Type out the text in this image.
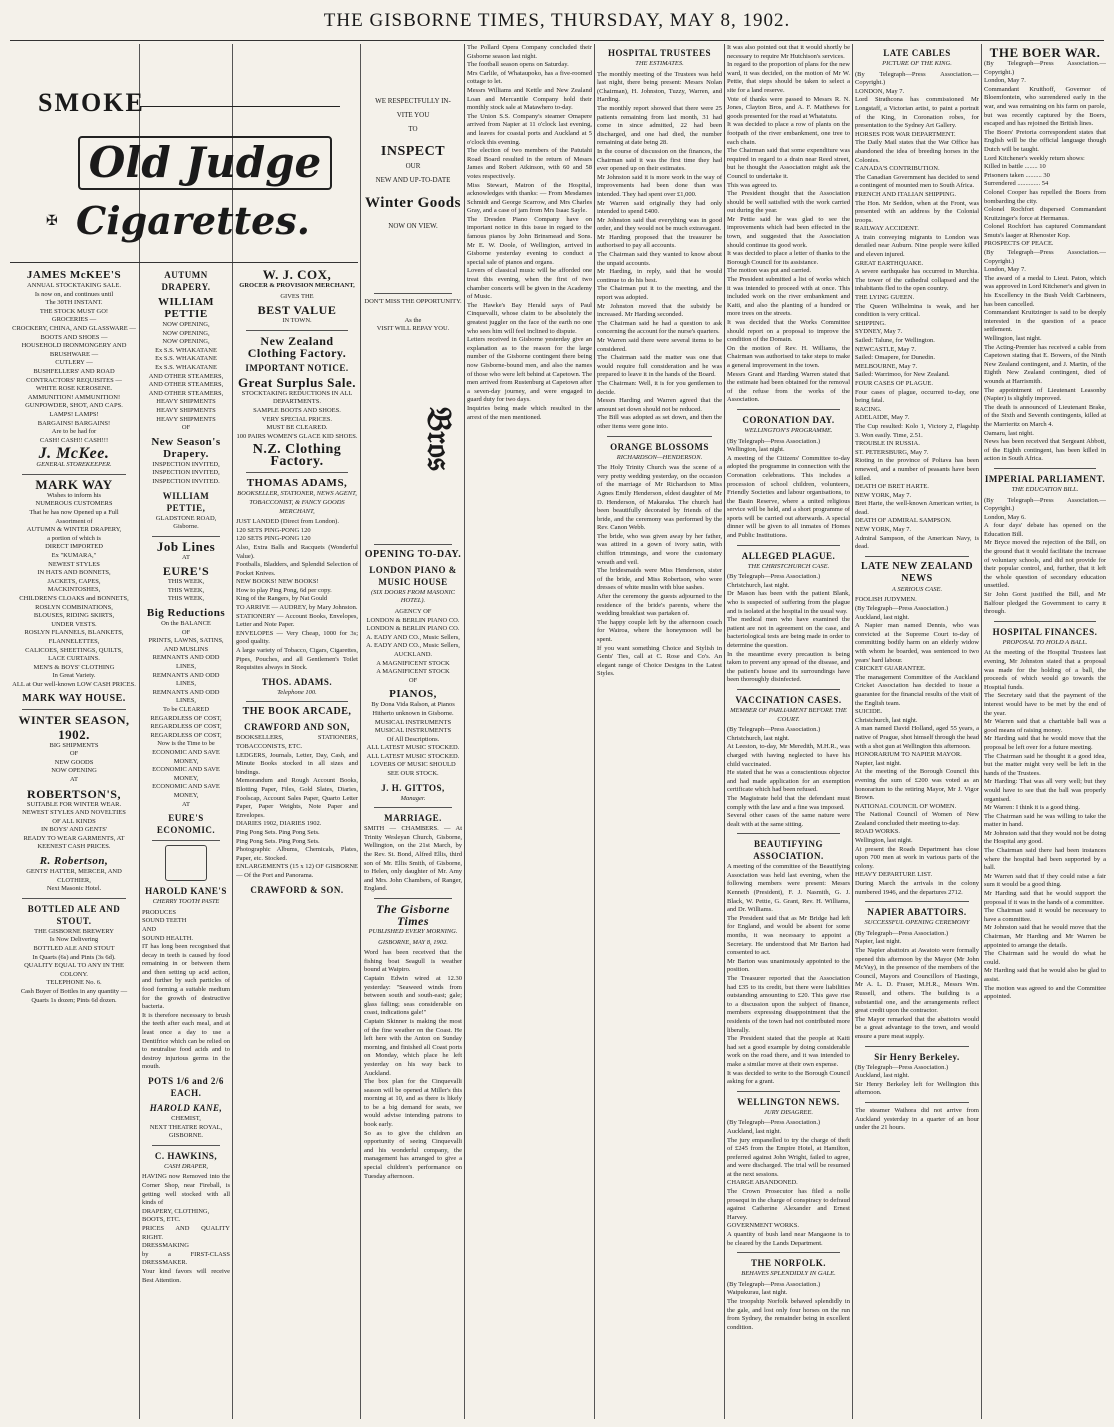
THE GISBORNE TIMES, THURSDAY, MAY 8, 1902.
SMOKE
Old Judge
✠ Cigarettes.
JAMES McKEE'S
ANNUAL STOCKTAKING SALE.
Is now on, and continues until
The 30TH INSTANT.
THE STOCK MUST GO!
GROCERIES —
CROCKERY, CHINA, AND GLASSWARE —
BOOTS AND SHOES —
HOUSEHOLD IRONMONGERY AND BRUSHWARE —
CUTLERY —
BUSHFELLERS' AND ROAD CONTRACTORS' REQUISITES —
WHITE ROSE KEROSENE.
AMMUNITION! AMMUNITION!
GUNPOWDER, SHOT, AND CAPS.
LAMPS! LAMPS!
BARGAINS! BARGAINS!
Are to be had for
CASH! CASH!! CASH!!!
J. McKee.
GENERAL STOREKEEPER.
MARK WAY
Wishes to inform his
NUMEROUS CUSTOMERS
That he has now Opened up a Full
Assortment of
AUTUMN & WINTER DRAPERY,
a portion of which is
DIRECT IMPORTED
Ex "KUMARA,"
NEWEST STYLES
IN HATS AND BONNETS,
JACKETS, CAPES,
MACKINTOSHES,
CHILDREN'S CLOAKS and BONNETS,
ROSLYN COMBINATIONS,
BLOUSES, RIDING SKIRTS,
UNDER VESTS.
ROSLYN FLANNELS, BLANKETS,
FLANNELETTES,
CALICOES, SHEETINGS, QUILTS,
LACE CURTAINS.
MEN'S & BOYS' CLOTHING
In Great Variety.
ALL at Our well-known LOW CASH PRICES.
MARK WAY HOUSE.
WINTER SEASON,
1902.
BIG SHIPMENTS
OF
NEW GOODS
NOW OPENING
AT
ROBERTSON'S,
SUITABLE FOR WINTER WEAR.
NEWEST STYLES AND NOVELTIES
OF ALL KINDS
IN BOYS' AND GENTS'
READY TO WEAR GARMENTS, AT
KEENEST CASH PRICES.
R. Robertson,
GENTS' HATTER, MERCER, AND CLOTHIER,
Next Masonic Hotel.
BOTTLED ALE AND STOUT.
THE GISBORNE BREWERY
Is Now Delivering
BOTTLED ALE AND STOUT
In Quarts (6s) and Pints (3s 6d).
QUALITY EQUAL TO ANY IN THE COLONY.
TELEPHONE No. 6.
Cash Buyer of Bottles in any quantity — Quarts 1s dozen; Pints 6d dozen.
AUTUMN DRAPERY.
WILLIAM PETTIE
NOW OPENING,
NOW OPENING,
NOW OPENING,
Ex S.S. WHAKATANE
Ex S.S. WHAKATANE
Ex S.S. WHAKATANE
AND OTHER STEAMERS,
AND OTHER STEAMERS,
AND OTHER STEAMERS,
HEAVY SHIPMENTS
HEAVY SHIPMENTS
HEAVY SHIPMENTS
OF
New Season's Drapery.
INSPECTION INVITED,
INSPECTION INVITED,
INSPECTION INVITED.
WILLIAM PETTIE,
GLADSTONE ROAD,
Gisborne.
Job Lines
AT
EURE'S
THIS WEEK,
THIS WEEK,
THIS WEEK,
Big Reductions
On the BALANCE
OF
PRINTS, LAWNS, SATINS, AND MUSLINS
REMNANTS AND ODD LINES,
REMNANTS AND ODD LINES,
REMNANTS AND ODD LINES,
To be CLEARED
REGARDLESS OF COST,
REGARDLESS OF COST,
REGARDLESS OF COST,
Now is the Time to be
ECONOMIC AND SAVE MONEY,
ECONOMIC AND SAVE MONEY,
ECONOMIC AND SAVE MONEY,
AT
EURE'S ECONOMIC.
HAROLD KANE'S
CHERRY TOOTH PASTE
PRODUCES
SOUND TEETH
AND
SOUND HEALTH.
IT has long been recognised that decay in teeth is caused by food remaining in or between them and then setting up acid action, and further by such particles of food forming a suitable medium for the growth of destructive bacteria.
It is therefore necessary to brush the teeth after each meal, and at least once a day to use a Dentifrice which can be relied on to neutralise food acids and to destroy injurious germs in the mouth.
POTS 1/6 and 2/6 EACH.
HAROLD KANE,
CHEMIST,
NEXT THEATRE ROYAL, GISBORNE.
C. HAWKINS,
CASH DRAPER,
HAVING now Removed into the Corner Shop, near Fireball, is getting well stocked with all kinds of
DRAPERY, CLOTHING,
BOOTS, ETC.
PRICES AND QUALITY RIGHT.
DRESSMAKING
by a FIRST-CLASS DRESSMAKER.
Your kind favors will receive Best Attention.
W. J. COX,
GROCER & PROVISION MERCHANT,
GIVES THE
BEST VALUE
IN TOWN.
New Zealand Clothing Factory.
IMPORTANT NOTICE.
Great Surplus Sale.
STOCKTAKING REDUCTIONS IN ALL DEPARTMENTS.
SAMPLE BOOTS AND SHOES.
VERY SPECIAL PRICES.
MUST BE CLEARED.
100 PAIRS WOMEN'S GLACE KID SHOES.
N.Z. Clothing Factory.
THOMAS ADAMS,
BOOKSELLER, STATIONER, NEWS AGENT, TOBACCONIST, & FANCY GOODS MERCHANT,
JUST LANDED (Direct from London).
120 SETS PING-PONG 120
120 SETS PING-PONG 120
Also, Extra Balls and Racquets (Wonderful Value).
Footballs, Bladders, and Splendid Selection of Pocket Knives.
NEW BOOKS! NEW BOOKS!
How to play Ping Pong, 6d per copy.
King of the Rangers, by Nat Gould
TO ARRIVE — AUDREY, by Mary Johnston.
STATIONERY — Account Books, Envelopes, Letter and Note Paper.
ENVELOPES — Very Cheap, 1000 for 3s; good quality.
A large variety of Tobacco, Cigars, Cigarettes, Pipes, Pouches, and all Gentlemen's Toilet Requisites always in Stock.
THOS. ADAMS.
Telephone 100.
THE BOOK ARCADE,
CRAWFORD AND SON,
BOOKSELLERS, STATIONERS, TOBACCONISTS, ETC.
LEDGERS, Journals, Letter, Day, Cash, and Minute Books stocked in all sizes and bindings.
Memorandum and Rough Account Books, Blotting Paper, Files, Gold Slates, Diaries, Foolscap, Account Sales Paper, Quarto Letter Paper, Paper Weights, Note Paper and Envelopes.
DIARIES 1902, DIARIES 1902.
Ping Pong Sets. Ping Pong Sets.
Ping Pong Sets. Ping Pong Sets.
Photographic Albums, Chemicals, Plates, Paper, etc. Stocked.
ENLARGEMENTS (15 x 12) OF GISBORNE — Of the Port and Panorama.
CRAWFORD & SON.
WE RESPECTFULLY IN-
VITE YOU
TO
INSPECT
OUR
NEW AND UP-TO-DATE
Winter Goods
NOW ON VIEW.
DON'T MISS THE OPPORTUNITY.
As the
VISIT WILL REPAY YOU.
𝔅𝔯𝔬𝔰
OPENING TO-DAY.
LONDON PIANO & MUSIC HOUSE
(SIX DOORS FROM MASONIC HOTEL).
AGENCY OF
LONDON & BERLIN PIANO CO.
LONDON & BERLIN PIANO CO.
A. EADY AND CO., Music Sellers,
A. EADY AND CO., Music Sellers,
AUCKLAND.
A MAGNIFICENT STOCK
A MAGNIFICENT STOCK
OF
PIANOS,
By Dona Vida Ralson, at Pianos Hitherto unknown in Gisborne.
MUSICAL INSTRUMENTS
MUSICAL INSTRUMENTS
Of All Descriptions.
ALL LATEST MUSIC STOCKED.
ALL LATEST MUSIC STOCKED.
LOVERS OF MUSIC SHOULD SEE OUR STOCK.
J. H. GITTOS,
Manager.
MARRIAGE.
SMITH — CHAMBERS. — At Trinity Wesleyan Church, Gisborne, Wellington, on the 21st March, by the Rev. St. Bond, Alfred Ellis, third son of Mr. Ellis Smith, of Gisborne, to Helen, only daughter of Mr. Amy and Mrs. John Chambers, of Ranger, England.
The Gisborne Times
PUBLISHED EVERY MORNING.
GISBORNE, MAY 8, 1902.
Word has been received that the fishing boat Seagull is weather bound at Waipiro.
Captain Edwin wired at 12.30 yesterday: "Seaweed winds from between south and south-east; gale; glass falling; seas considerable on coast, indications gale!"
Captain Skinner is making the most of the fine weather on the Coast. He left here with the Anton on Sunday morning, and finished all Coast ports on Monday, which place he left yesterday on his way back to Auckland.
The box plan for the Cinquevalli season will be opened at Miller's this morning at 10, and as there is likely to be a big demand for seats, we would advise intending patrons to book early.
So as to give the children an opportunity of seeing Cinquevalli and his wonderful company, the management has arranged to give a special children's performance on Tuesday afternoon.
The Pollard Opera Company concluded their Gisborne season last night.
The football season opens on Saturday.
Mrs Carlile, of Whataupoko, has a five-roomed cottage to let.
Messrs Williams and Kettle and New Zealand Loan and Mercantile Company hold their monthly stock sale at Matawhero to-day.
The Union S.S. Company's steamer Omapere arrived from Napier at 11 o'clock last evening, and leaves for coastal ports and Auckland at 5 o'clock this evening.
The election of two members of the Patutahi Road Board resulted in the return of Messrs James and Robert Atkinson, with 60 and 58 votes respectively.
Miss Stewart, Matron of the Hospital, acknowledges with thanks: — From Mesdames Schmidt and George Scarrow, and Mrs Charles Gray, and a case of jam from Mrs Isaac Sayle.
The Dresden Piano Company have on important notice in this issue in regard to the famous pianos by John Brinsmead and Sons. Mr E. W. Doole, of Wellington, arrived in Gisborne yesterday evening to conduct a special sale of pianos and organs.
Lovers of classical music will be afforded one treat this evening, when the first of two chamber concerts will be given in the Academy of Music.
The Hawke's Bay Herald says of Paul Cinquevalli, whose claim to be absolutely the greatest juggler on the face of the earth no one who sees him will feel inclined to dispute.
Letters received in Gisborne yesterday give an explanation as to the reason for the large number of the Gisborne contingent there being now Gisborne-bound men, and also the names of those who were left behind at Capetown. The men arrived from Rustenburg at Capetown after a seven-day journey, and were engaged in guard duty for two days.
Inquiries being made which resulted in the arrest of the men mentioned.
HOSPITAL TRUSTEES
THE ESTIMATES.
The monthly meeting of the Trustees was held last night, there being present: Messrs Nolan (Chairman), H. Johnston, Tuzzy, Warren, and Harding.
The monthly report showed that there were 25 patients remaining from last month, 31 had come in since admitted, 22 had been discharged, and one had died, the number remaining at date being 28.
In the course of discussion on the finances, the Chairman said it was the first time they had ever opened up on their estimates.
Mr Johnston said it is more work in the way of improvements had been done than was intended. They had spent over £1,000.
Mr Warren said originally they had only intended to spend £400.
Mr Johnston said that everything was in good order, and they would not be much extravagant.
Mr Harding proposed that the treasurer be authorised to pay all accounts.
The Chairman said they wanted to know about the unpaid accounts.
Mr Harding, in reply, said that he would continue to do his best.
The Chairman put it to the meeting, and the report was adopted.
Mr Johnston moved that the subsidy be increased. Mr Harding seconded.
The Chairman said he had a question to ask concerning the account for the nurse's quarters.
Mr Warren said there were several items to be considered.
The Chairman said the matter was one that would require full consideration and he was prepared to leave it in the hands of the Board.
The Chairman: Well, it is for you gentlemen to decide.
Messrs Harding and Warren agreed that the amount set down should not be reduced.
The Bill was adopted as set down, and then the other items were gone into.
ORANGE BLOSSOMS
RICHARDSON—HENDERSON.
The Holy Trinity Church was the scene of a very pretty wedding yesterday, on the occasion of the marriage of Mr Richardson to Miss Agnes Emily Henderson, eldest daughter of Mr D. Henderson, of Makaraka. The church had been beautifully decorated by friends of the bride, and the ceremony was performed by the Rev. Canon Webb.
The bride, who was given away by her father, was attired in a gown of ivory satin, with chiffon trimmings, and wore the customary wreath and veil.
The bridesmaids were Miss Henderson, sister of the bride, and Miss Robertson, who wore dresses of white muslin with blue sashes.
After the ceremony the guests adjourned to the residence of the bride's parents, where the wedding breakfast was partaken of.
The happy couple left by the afternoon coach for Wairoa, where the honeymoon will be spent.
If you want something Choice and Stylish in Gents' Ties, call at C. Rose and Co's. An elegant range of Choice Designs in the Latest Styles.
It was also pointed out that it would shortly be necessary to require Mr Hutchison's services.
In regard to the proportion of plans for the new ward, it was decided, on the motion of Mr W. Pettie, that steps should be taken to select a site for a land reserve.
Vote of thanks were passed to Messrs R. N. Jones, Clayton Bros, and A. F. Matthews for goods presented for the road at Whatatutu.
It was decided to place a row of plants on the footpath of the river embankment, one tree to each chain.
The Chairman said that some expenditure was required in regard to a drain near Reed street, but he thought the Association might ask the Council to undertake it.
This was agreed to.
The President thought that the Association should be well satisfied with the work carried out during the year.
Mr Pettie said he was glad to see the improvements which had been effected in the town, and suggested that the Association should continue its good work.
It was decided to place a letter of thanks to the Borough Council for its assistance.
The motion was put and carried.
The President submitted a list of works which it was intended to proceed with at once. This included work on the river embankment and Kaiti, and also the planting of a hundred or more trees on the streets.
It was decided that the Works Committee should report on a proposal to improve the condition of the Domain.
On the motion of Rev. H. Williams, the Chairman was authorised to take steps to make a general improvement in the town.
Messrs Grant and Harding Warren stated that the estimate had been obtained for the removal of the refuse from the works of the Association.
CORONATION DAY.
WELLINGTON'S PROGRAMME.
(By Telegraph—Press Association.)
Wellington, last night.
A meeting of the Citizens' Committee to-day adopted the programme in connection with the Coronation celebrations. This includes a procession of school children, volunteers, Friendly Societies and labour organisations, to the Basin Reserve, where a united religious service will be held, and a short programme of sports will be carried out afterwards. A special dinner will be given to all inmates of Homes and Public Institutions.
ALLEGED PLAGUE.
THE CHRISTCHURCH CASE.
(By Telegraph—Press Association.)
Christchurch, last night.
Dr Mason has been with the patient Blank, who is suspected of suffering from the plague and is isolated at the hospital in the usual way.
The medical men who have examined the patient are not in agreement on the case, and bacteriological tests are being made in order to determine the question.
In the meantime every precaution is being taken to prevent any spread of the disease, and the patient's house and its surroundings have been thoroughly disinfected.
VACCINATION CASES.
MEMBER OF PARLIAMENT BEFORE THE COURT.
(By Telegraph—Press Association.)
Christchurch, last night.
At Leeston, to-day, Mr Meredith, M.H.R., was charged with having neglected to have his child vaccinated.
He stated that he was a conscientious objector and had made application for an exemption certificate which had been refused.
The Magistrate held that the defendant must comply with the law and a fine was imposed.
Several other cases of the same nature were dealt with at the same sitting.
BEAUTIFYING ASSOCIATION.
A meeting of the committee of the Beautifying Association was held last evening, when the following members were present: Messrs Kenneth (President), F. J. Nasmith, G. J. Black, W. Pettie, G. Grant, Rev. H. Williams, and Dr. Williams.
The President said that as Mr Bridge had left for England, and would be absent for some months, it was necessary to appoint a Secretary. He understood that Mr Barton had consented to act.
Mr Barton was unanimously appointed to the position.
The Treasurer reported that the Association had £35 to its credit, but there were liabilities outstanding amounting to £20. This gave rise to a discussion upon the subject of finance, members expressing disappointment that the residents of the town had not contributed more liberally.
The President stated that the people at Kaiti had set a good example by doing considerable work on the road there, and it was intended to make a similar move at their own expense.
It was decided to write to the Borough Council asking for a grant.
WELLINGTON NEWS.
JURY DISAGREE.
(By Telegraph—Press Association.)
Auckland, last night.
The jury empanelled to try the charge of theft of £245 from the Empire Hotel, at Hamilton, preferred against John Wright, failed to agree, and were discharged. The trial will be resumed at the next sessions.
CHARGE ABANDONED.
The Crown Prosecutor has filed a nolle prosequi in the charge of conspiracy to defraud against Catherine Alexander and Ernest Harvey.
GOVERNMENT WORKS.
A quantity of bush land near Mangaone is to be cleared by the Lands Department.
THE NORFOLK.
BEHAVES SPLENDIDLY IN GALE.
(By Telegraph—Press Association.)
Waipukurau, last night.
The troopship Norfolk behaved splendidly in the gale, and lost only four horses on the run from Sydney, the remainder being in excellent condition.
LATE CABLES
PICTURE OF THE KING.
(By Telegraph—Press Association.—Copyright.)
LONDON, May 7.
Lord Strathcona has commissioned Mr Longstaff, a Victorian artist, to paint a portrait of the King, in Coronation robes, for presentation to the Sydney Art Gallery.
HORSES FOR WAR DEPARTMENT.
The Daily Mail states that the War Office has abandoned the idea of breeding horses in the Colonies.
CANADA'S CONTRIBUTION.
The Canadian Government has decided to send a contingent of mounted men to South Africa.
FRENCH AND ITALIAN SHIPPING.
The Hon. Mr Seddon, when at the Front, was presented with an address by the Colonial troops.
RAILWAY ACCIDENT.
A train conveying migrants to London was derailed near Auburn. Nine people were killed and eleven injured.
GREAT EARTHQUAKE.
A severe earthquake has occurred in Murchia. The tower of the cathedral collapsed and the inhabitants fled to the open country.
THE LYING GUEEN.
The Queen Wilhelmina is weak, and her condition is very critical.
SHIPPING.
SYDNEY, May 7.
Sailed: Talune, for Wellington.
NEWCASTLE, May 7.
Sailed: Omapere, for Dunedin.
MELBOURNE, May 7.
Sailed: Warrimoo, for New Zealand.
FOUR CASES OF PLAGUE.
Four cases of plague, occurred to-day, one being fatal.
RACING.
ADELAIDE, May 7.
The Cup resulted: Kolo 1, Victory 2, Flagship 3. Won easily. Time, 2.51.
TROUBLE IN RUSSIA.
ST. PETERSBURG, May 7.
Rioting in the province of Poltava has been renewed, and a number of peasants have been killed.
DEATH OF BRET HARTE.
NEW YORK, May 7.
Bret Harte, the well-known American writer, is dead.
DEATH OF ADMIRAL SAMPSON.
NEW YORK, May 7.
Admiral Sampson, of the American Navy, is dead.
LATE NEW ZEALAND NEWS
A SERIOUS CASE.
FOOLISH JUDYMEN.
(By Telegraph—Press Association.)
Auckland, last night.
A Napier man named Dennis, who was convicted at the Supreme Court to-day of committing bodily harm on an elderly widow with whom he boarded, was sentenced to two years' hard labour.
CRICKET GUARANTEE.
The management Committee of the Auckland Cricket Association has decided to issue a guarantee for the financial results of the visit of the English team.
SUICIDE.
Christchurch, last night.
A man named David Holland, aged 55 years, a native of Prague, shot himself through the head with a shot gun at Wellington this afternoon.
HONORARIUM TO NAPIER MAYOR.
Napier, last night.
At the meeting of the Borough Council this evening the sum of £200 was voted as an honorarium to the retiring Mayor, Mr J. Vigor Brown.
NATIONAL COUNCIL OF WOMEN.
The National Council of Women of New Zealand concluded their meeting to-day.
ROAD WORKS.
Wellington, last night.
At present the Roads Department has close upon 700 men at work in various parts of the colony.
HEAVY DEPARTURE LIST.
During March the arrivals in the colony numbered 1946, and the departures 2712.
NAPIER ABATTOIRS.
SUCCESSFUL OPENING CEREMONY
(By Telegraph—Press Association.)
Napier, last night.
The Napier abattoirs at Awatoto were formally opened this afternoon by the Mayor (Mr John McVay), in the presence of the members of the Council, Mayors and Councillors of Hastings, Mr A. L. D. Fraser, M.H.R., Messrs Wm. Russell, and others. The building is a substantial one, and the arrangements reflect great credit upon the contractor.
The Mayor remarked that the abattoirs would be a great advantage to the town, and would ensure a pure meat supply.
Sir Henry Berkeley.
(By Telegraph—Press Association.)
Auckland, last night.
Sir Henry Berkeley left for Wellington this afternoon.
The steamer Waihora did not arrive from Auckland yesterday in a quarter of an hour under the 21 hours.
THE BOER WAR.
(By Telegraph—Press Association.—Copyright.)
London, May 7.
Commandant Kruithoff, Governor of Bloemfontein, who surrendered early in the war, and was remaining on his farm on parole, but was recently captured by the Boers, escaped and has rejoined the British lines.
The Boers' Pretoria correspondent states that English will be the official language though Dutch will be taught.
Lord Kitchener's weekly return shows:
Killed in battle ........ 10
Prisoners taken .......... 30
Surrendered .............. 54
Colonel Cooper has repelled the Boers from bombarding the city.
Colonel Rochfort dispersed Commandant Kruitzinger's force at Hermanus.
Colonel Rochfort has captured Commandant Smuts's laager at Rhenoster Kop.
PROSPECTS OF PEACE.
(By Telegraph—Press Association.—Copyright.)
London, May 7.
The award of a medal to Lieut. Paton, which was approved in Lord Kitchener's and given in his Excellency in the Bush Veldt Carbineers, has been cancelled.
Commandant Kruitzinger is said to be deeply interested in the question of a peace settlement.
Wellington, last night.
The Acting-Premier has received a cable from Capetown stating that E. Bowers, of the Ninth New Zealand contingent, and J. Martin, of the Eighth New Zealand contingent, died of wounds at Harrismith.
The appointment of Lieutenant Leasonby (Napier) is slightly improved.
The death is announced of Lieutenant Brake, of the Sixth and Seventh contingents, killed at the Marrieritz on March 4.
Oamaru, last night.
News has been received that Sergeant Abbott, of the Eighth contingent, has been killed in action in South Africa.
IMPERIAL PARLIAMENT.
THE EDUCATION BILL.
(By Telegraph—Press Association.—Copyright.)
London, May 6.
A four days' debate has opened on the Education Bill.
Mr Bryce moved the rejection of the Bill, on the ground that it would facilitate the increase of voluntary schools, and did not provide for their popular control, and, further, that it left the whole question of secondary education unsettled.
Sir John Gorst justified the Bill, and Mr Balfour pledged the Government to carry it through.
HOSPITAL FINANCES.
PROPOSAL TO HOLD A BALL.
At the meeting of the Hospital Trustees last evening, Mr Johnston stated that a proposal was made for the holding of a ball, the proceeds of which would go towards the Hospital funds.
The Secretary said that the payment of the interest would have to be met by the end of the year.
Mr Warren said that a charitable ball was a good means of raising money.
Mr Harding said that he would move that the proposal be left over for a future meeting.
The Chairman said he thought it a good idea, but the matter might very well be left in the hands of the Trustees.
Mr Harding: That was all very well; but they would have to see that the ball was properly organised.
Mr Warren: I think it is a good thing.
The Chairman said he was willing to take the matter in hand.
Mr Johnston said that they would not be doing the Hospital any good.
The Chairman said there had been instances where the hospital had been supported by a ball.
Mr Warren said that if they could raise a fair sum it would be a good thing.
Mr Harding said that he would support the proposal if it was in the hands of a committee.
The Chairman said it would be necessary to have a committee.
Mr Johnston said that he would move that the Chairman, Mr Harding and Mr Warren be appointed to arrange the details.
The Chairman said he would do what he could.
Mr Harding said that he would also be glad to assist.
The motion was agreed to and the Committee appointed.
